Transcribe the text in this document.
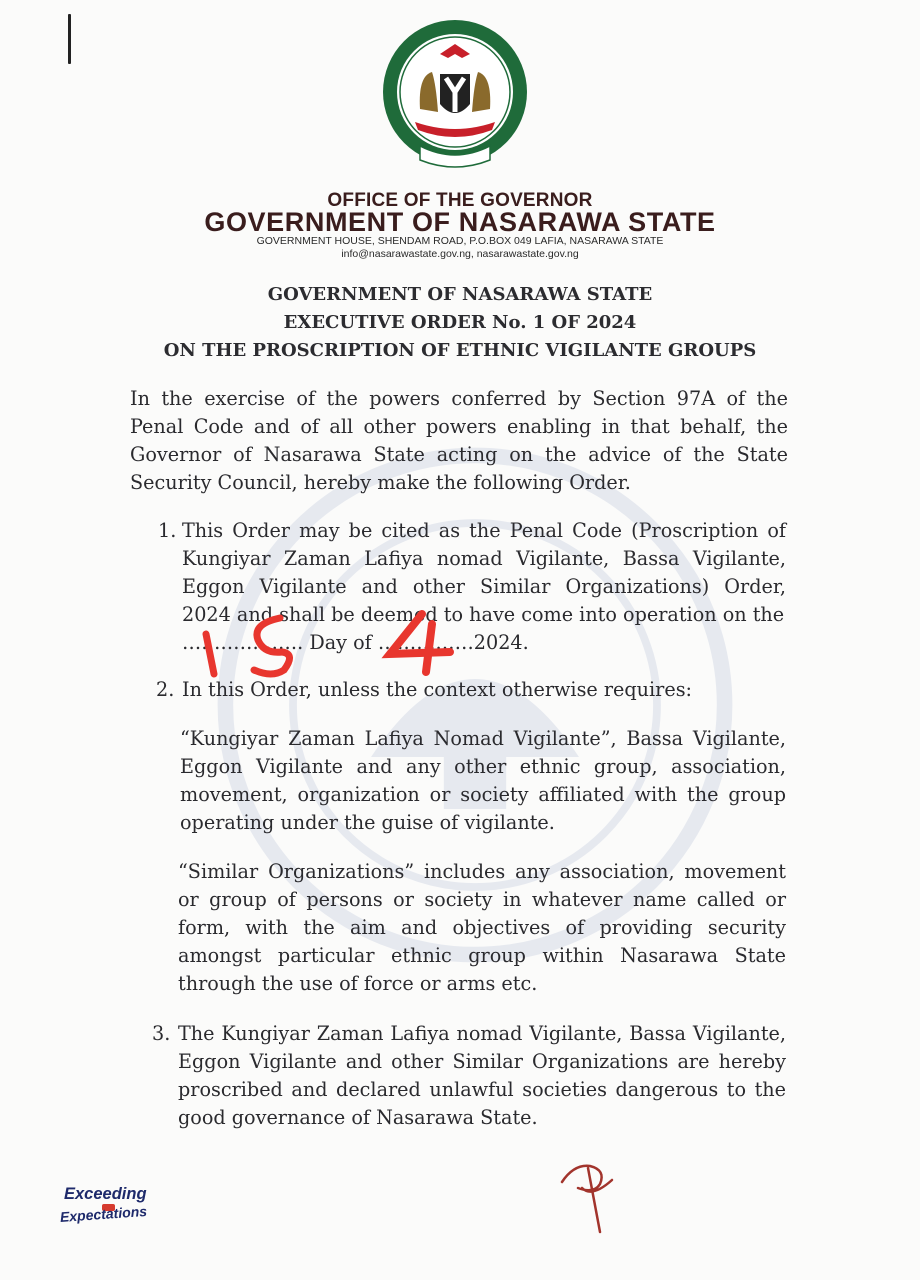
OFFICE OF THE GOVERNOR
GOVERNMENT OF NASARAWA STATE
GOVERNMENT HOUSE, SHENDAM ROAD, P.O.BOX 049 LAFIA, NASARAWA STATE
info@nasarawastate.gov.ng, nasarawastate.gov.ng
GOVERNMENT OF NASARAWA STATE
EXECUTIVE ORDER No. 1 OF 2024
ON THE PROSCRIPTION OF ETHNIC VIGILANTE GROUPS

In the exercise of the powers conferred by Section 97A of the Penal Code and of all other powers enabling in that behalf, the Governor of Nasarawa State acting on the advice of the State Security Council, hereby make the following Order.

1. This Order may be cited as the Penal Code (Proscription of Kungiyar Zaman Lafiya nomad Vigilante, Bassa Vigilante, Eggon Vigilante and other Similar Organizations) Order, 2024 and shall be deemed to have come into operation on the
………………. Day of ……………2024.
2. In this Order, unless the context otherwise requires:

“Kungiyar Zaman Lafiya Nomad Vigilante”, Bassa Vigilante, Eggon Vigilante and any other ethnic group, association, movement, organization or society affiliated with the group operating under the guise of vigilante.

“Similar Organizations” includes any association, movement or group of persons or society in whatever name called or form, with the aim and objectives of providing security amongst particular ethnic group within Nasarawa State through the use of force or arms etc.

3. The Kungiyar Zaman Lafiya nomad Vigilante, Bassa Vigilante, Eggon Vigilante and other Similar Organizations are hereby proscribed and declared unlawful societies dangerous to the good governance of Nasarawa State.

Exceeding
Expectations
